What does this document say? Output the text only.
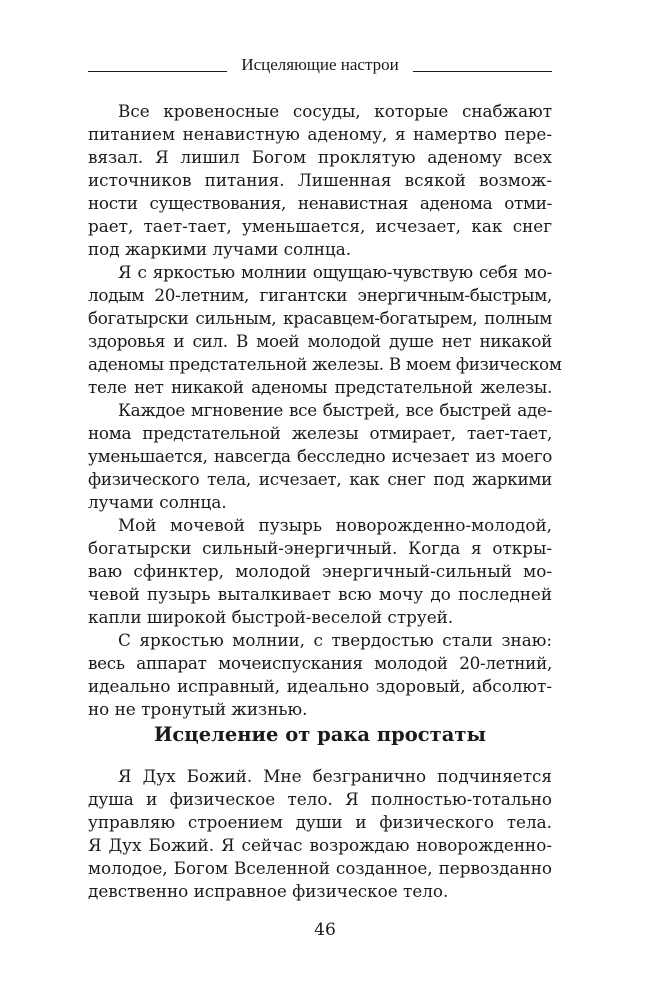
Исцеляющие настрои

Все кровеносные сосуды, которые снабжают
питанием ненавистную аденому, я намертво пере-
вязал. Я лишил Богом проклятую аденому всех
источников питания. Лишенная всякой возмож-
ности существования, ненавистная аденома отми-
рает, тает-тает, уменьшается, исчезает, как снег
под жаркими лучами солнца.

Я с яркостью молнии ощущаю-чувствую себя мо-
лодым 20-летним, гигантски энергичным-быстрым,
богатырски сильным, красавцем-богатырем, полным
здоровья и сил. В моей молодой душе нет никакой
аденомы предстательной железы. В моем физическом
теле нет никакой аденомы предстательной железы.

Каждое мгновение все быстрей, все быстрей аде-
нома предстательной железы отмирает, тает-тает,
уменьшается, навсегда бесследно исчезает из моего
физического тела, исчезает, как снег под жаркими
лучами солнца.

Мой мочевой пузырь новорожденно-молодой,
богатырски сильный-энергичный. Когда я откры-
ваю сфинктер, молодой энергичный-сильный мо-
чевой пузырь выталкивает всю мочу до последней
капли широкой быстрой-веселой струей.

С яркостью молнии, с твердостью стали знаю:
весь аппарат мочеиспускания молодой 20-летний,
идеально исправный, идеально здоровый, абсолют-
но не тронутый жизнью.

Исцеление от рака простаты

Я Дух Божий. Мне безгранично подчиняется
душа и физическое тело. Я полностью-тотально
управляю строением души и физического тела.
Я Дух Божий. Я сейчас возрождаю новорожденно-
молодое, Богом Вселенной созданное, первозданно
девственно исправное физическое тело.

46
